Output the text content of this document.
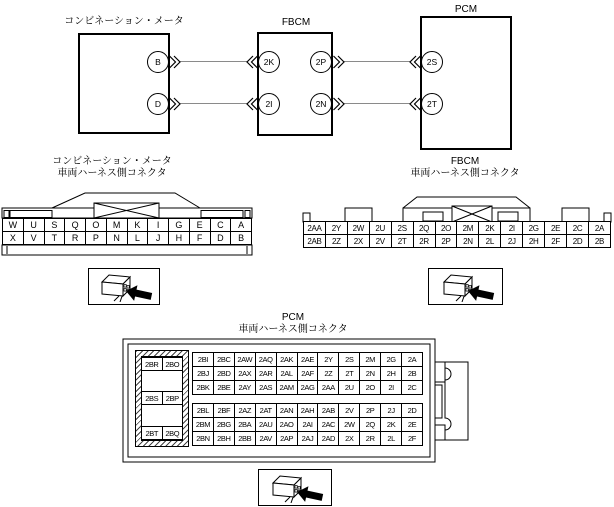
コンビネーション・メータ	FBCM
PCM
B
D
2K
2I
2P
2N
2S
2T
コンビネーション・メータ
車両ハーネス側コネクタ
W	U	S	Q	O	M	K	I	G	E	C	A
X	V	T	R	P	N	L	J	H	F	D	B
FBCM
車両ハーネス側コネクタ
2AA	2Y	2W	2U	2S	2Q	2O	2M	2K	2I	2G	2E	2C	2A
2AB	2Z	2X	2V	2T	2R	2P	2N	2L	2J	2H	2F	2D	2B
PCM
車両ハーネス側コネクタ
2BR 2BO
2BS	2BP
2BT 2BQ
2BI	2BC 2AW 2AQ	2AK	2AE	2Y	2S	2M	2G	2A
2BJ	2BD	2AX	2AR	2AL	2AF	2Z	2T	2N	2H	2B
2BK	2BE	2AY	2AS 2AM 2AG	2AA	2U	2O	2I	2C
2BL	2BF	2AZ	2AT	2AN	2AH	2AB	2V	2P	2J	2D
2BM 2BG	2BA	2AU 2AO	2AI	2AC	2W	2Q	2K	2E
2BN	2BH	2BB	2AV	2AP	2AJ	2AD	2X	2R	2L	2F
